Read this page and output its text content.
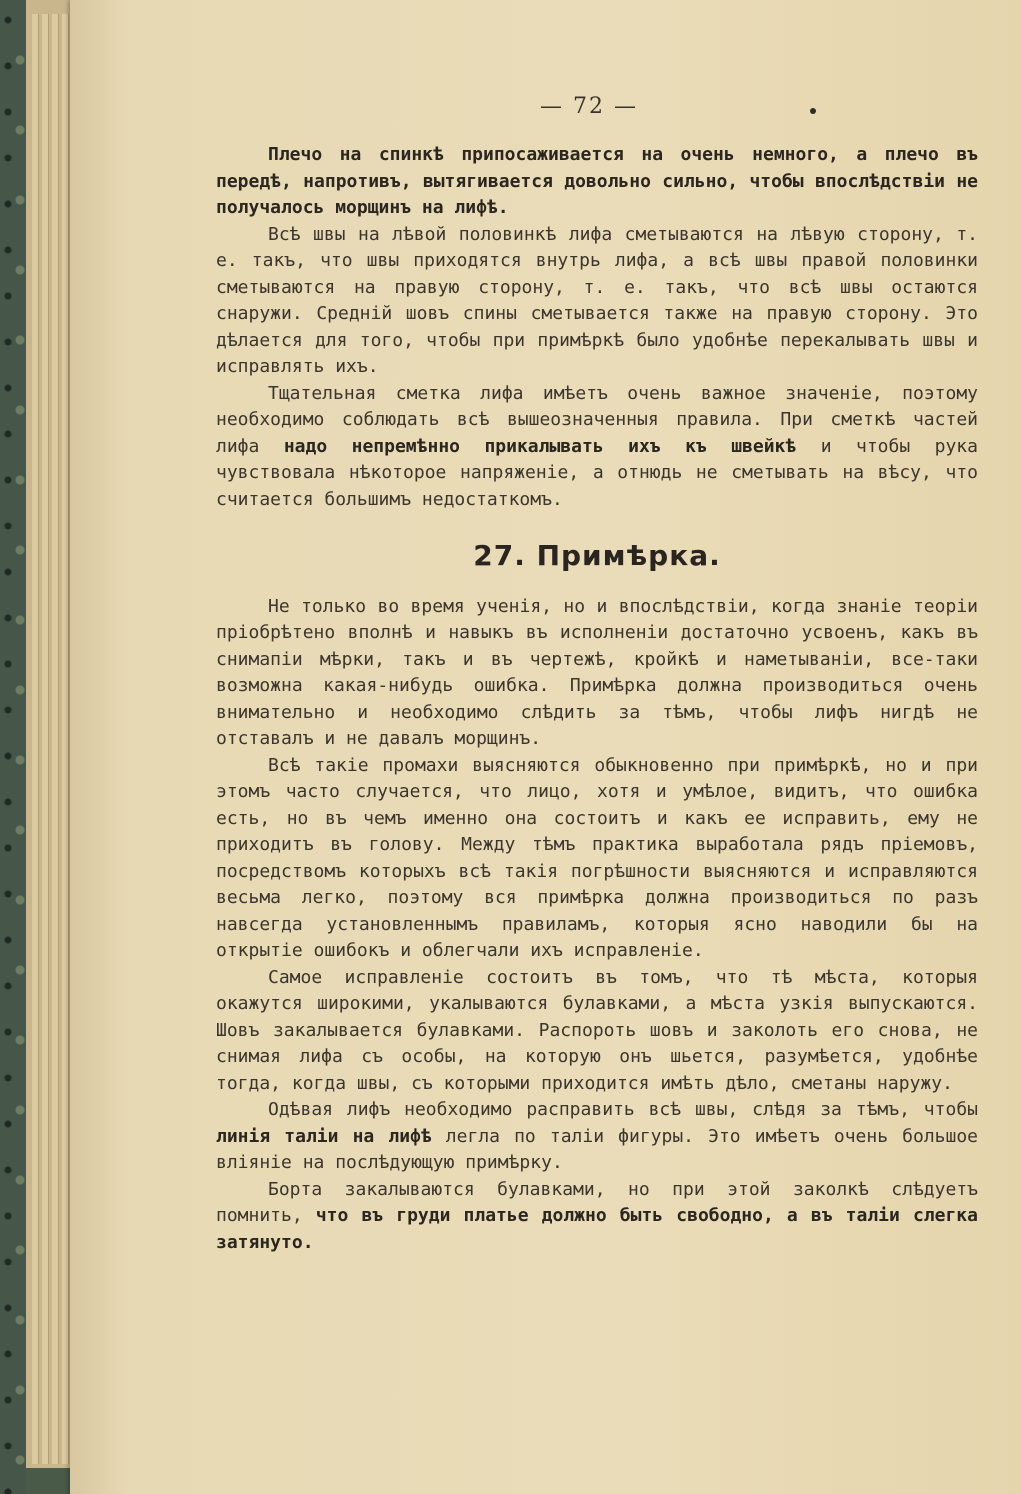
— 72 —

Плечо на спинкѣ припосаживается на очень немного, а плечо въ передѣ, напротивъ, вытягивается довольно сильно, чтобы впослѣдствіи не получалось морщинъ на лифѣ.

Всѣ швы на лѣвой половинкѣ лифа сметываются на лѣвую сторону, т. е. такъ, что швы приходятся внутрь лифа, а всѣ швы правой половинки сметываются на правую сторону, т. е. такъ, что всѣ швы остаются снаружи. Средній шовъ спины сметывается также на правую сторону. Это дѣлается для того, чтобы при примѣркѣ было удобнѣе перекалывать швы и исправлять ихъ.

Тщательная сметка лифа имѣетъ очень важное значеніе, поэтому необходимо соблюдать всѣ вышеозначенныя правила. При сметкѣ частей лифа надо непремѣнно прикалывать ихъ къ швейкѣ и чтобы рука чувствовала нѣкоторое напряженіе, а отнюдь не сметывать на вѣсу, что считается большимъ недостаткомъ.

27. Примѣрка.

Не только во время ученія, но и впослѣдствіи, когда знаніе теоріи пріобрѣтено вполнѣ и навыкъ въ исполненіи достаточно усвоенъ, какъ въ снимапіи мѣрки, такъ и въ чертежѣ, кройкѣ и наметываніи, все-таки возможна какая-нибудь ошибка. Примѣрка должна производиться очень внимательно и необходимо слѣдить за тѣмъ, чтобы лифъ нигдѣ не отставалъ и не давалъ морщинъ.

Всѣ такіе промахи выясняются обыкновенно при примѣркѣ, но и при этомъ часто случается, что лицо, хотя и умѣлое, видитъ, что ошибка есть, но въ чемъ именно она состоитъ и какъ ее исправить, ему не приходитъ въ голову. Между тѣмъ практика выработала рядъ пріемовъ, посредствомъ которыхъ всѣ такія погрѣшности выясняются и исправляются весьма легко, поэтому вся примѣрка должна производиться по разъ навсегда установленнымъ правиламъ, которыя ясно наводили бы на открытіе ошибокъ и облегчали ихъ исправленіе.

Самое исправленіе состоитъ въ томъ, что тѣ мѣста, которыя окажутся широкими, укалываются булавками, а мѣста узкія выпускаются. Шовъ закалывается булавками. Распороть шовъ и заколоть его снова, не снимая лифа съ особы, на которую онъ шьется, разумѣется, удобнѣе тогда, когда швы, съ которыми приходится имѣть дѣло, сметаны наружу.

Одѣвая лифъ необходимо расправить всѣ швы, слѣдя за тѣмъ, чтобы линія таліи на лифѣ легла по таліи фигуры. Это имѣетъ очень большое вліяніе на послѣдующую примѣрку.

Борта закалываются булавками, но при этой заколкѣ слѣдуетъ помнить, что въ груди платье должно быть свободно, а въ таліи слегка затянуто.
